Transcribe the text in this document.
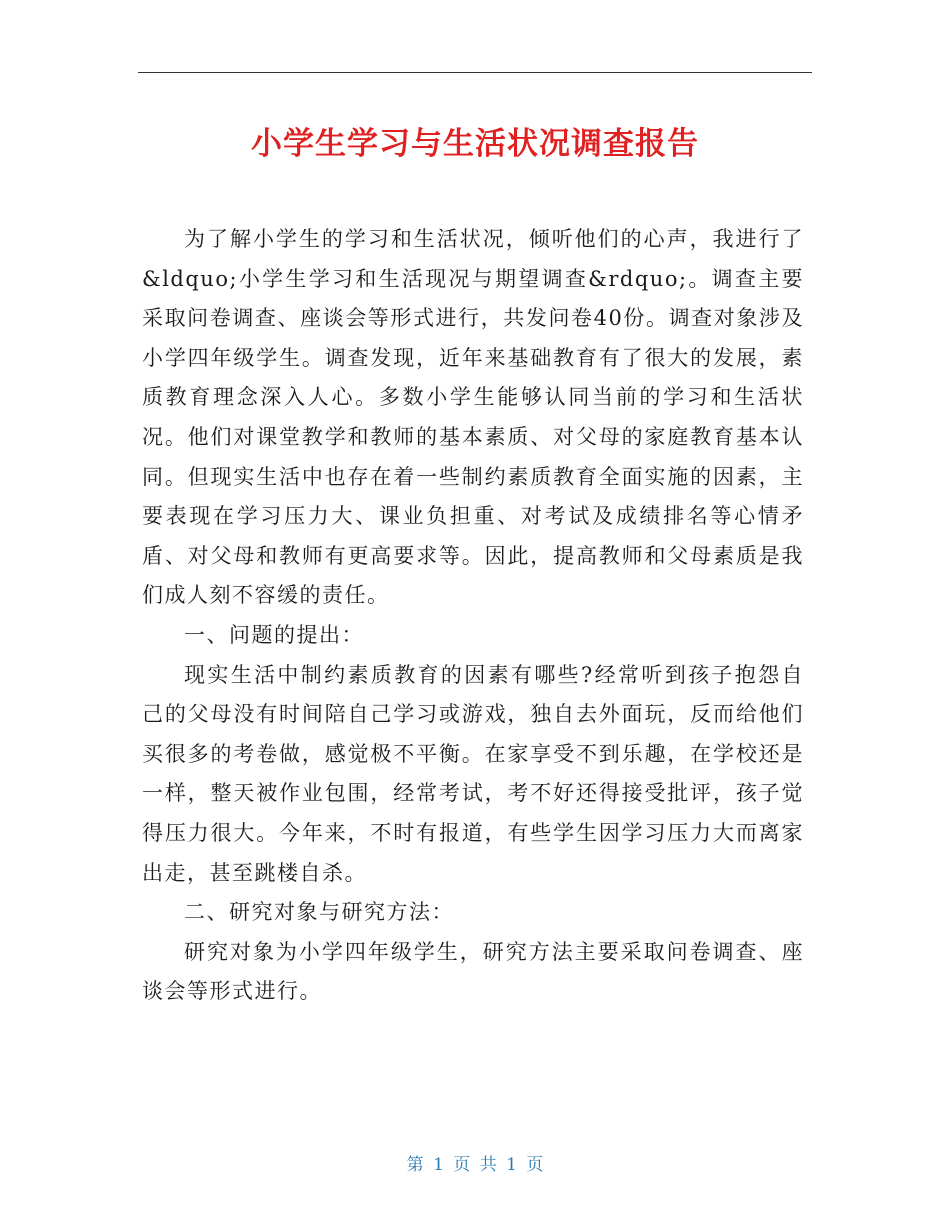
小学生学习与生活状况调查报告

为了解小学生的学习和生活状况，倾听他们的心声，我进行了&ldquo;小学生学习和生活现况与期望调查&rdquo;。调查主要采取问卷调查、座谈会等形式进行，共发问卷40份。调查对象涉及小学四年级学生。调查发现，近年来基础教育有了很大的发展，素质教育理念深入人心。多数小学生能够认同当前的学习和生活状况。他们对课堂教学和教师的基本素质、对父母的家庭教育基本认同。但现实生活中也存在着一些制约素质教育全面实施的因素，主要表现在学习压力大、课业负担重、对考试及成绩排名等心情矛盾、对父母和教师有更高要求等。因此，提高教师和父母素质是我们成人刻不容缓的责任。

一、问题的提出：

现实生活中制约素质教育的因素有哪些?经常听到孩子抱怨自己的父母没有时间陪自己学习或游戏，独自去外面玩，反而给他们买很多的考卷做，感觉极不平衡。在家享受不到乐趣，在学校还是一样，整天被作业包围，经常考试，考不好还得接受批评，孩子觉得压力很大。今年来，不时有报道，有些学生因学习压力大而离家出走，甚至跳楼自杀。

二、研究对象与研究方法：

研究对象为小学四年级学生，研究方法主要采取问卷调查、座谈会等形式进行。

第 1 页 共 1 页
